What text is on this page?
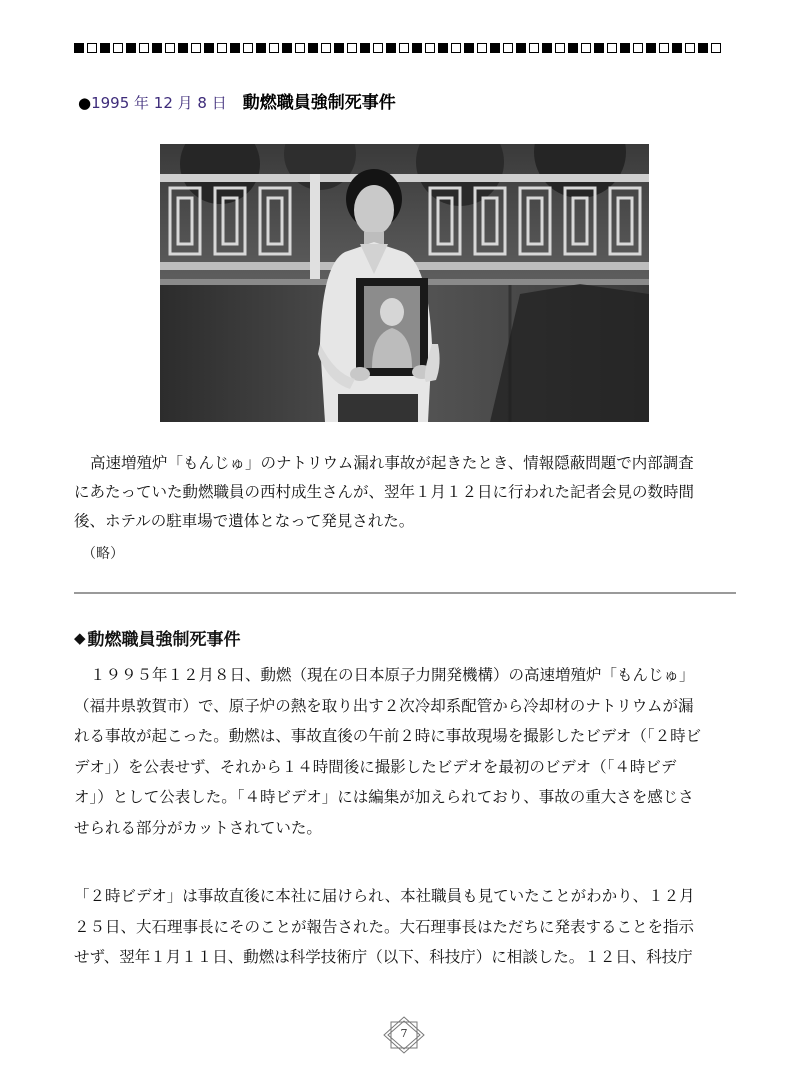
● 1995 年 12 月 8 日 動燃職員強制死事件
高速増殖炉「もんじゅ」のナトリウム漏れ事故が起きたとき、情報隠蔽問題で内部調査
にあたっていた動燃職員の西村成生さんが、翌年１月１２日に行われた記者会見の数時間
後、ホテルの駐車場で遺体となって発見された。
（略）
◆ 動燃職員強制死事件
１９９５年１２月８日、動燃（現在の日本原子力開発機構）の高速増殖炉「もんじゅ」
（福井県敦賀市）で、原子炉の熱を取り出す２次冷却系配管から冷却材のナトリウムが漏
れる事故が起こった。動燃は、事故直後の午前２時に事故現場を撮影したビデオ（「２時ビ
デオ」）を公表せず、それから１４時間後に撮影したビデオを最初のビデオ（「４時ビデ
オ」）として公表した。「４時ビデオ」には編集が加えられており、事故の重大さを感じさ
せられる部分がカットされていた。
「２時ビデオ」は事故直後に本社に届けられ、本社職員も見ていたことがわかり、１２月
２５日、大石理事長にそのことが報告された。大石理事長はただちに発表することを指示
せず、翌年１月１１日、動燃は科学技術庁（以下、科技庁）に相談した。１２日、科技庁
7
